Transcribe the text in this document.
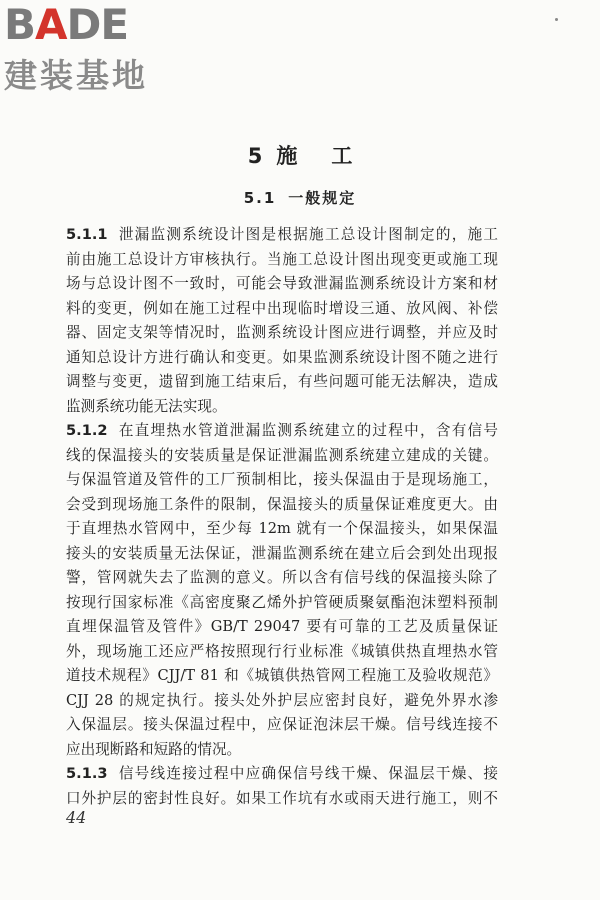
BADE
建装基地
5 施 工
5.1 一般规定
5.1.1 泄漏监测系统设计图是根据施工总设计图制定的，施工
前由施工总设计方审核执行。当施工总设计图出现变更或施工现
场与总设计图不一致时，可能会导致泄漏监测系统设计方案和材
料的变更，例如在施工过程中出现临时增设三通、放风阀、补偿
器、固定支架等情况时，监测系统设计图应进行调整，并应及时
通知总设计方进行确认和变更。如果监测系统设计图不随之进行
调整与变更，遗留到施工结束后，有些问题可能无法解决，造成
监测系统功能无法实现。
5.1.2 在直埋热水管道泄漏监测系统建立的过程中，含有信号
线的保温接头的安装质量是保证泄漏监测系统建立建成的关键。
与保温管道及管件的工厂预制相比，接头保温由于是现场施工，
会受到现场施工条件的限制，保温接头的质量保证难度更大。由
于直埋热水管网中，至少每 12m 就有一个保温接头，如果保温
接头的安装质量无法保证，泄漏监测系统在建立后会到处出现报
警，管网就失去了监测的意义。所以含有信号线的保温接头除了
按现行国家标准《高密度聚乙烯外护管硬质聚氨酯泡沫塑料预制
直埋保温管及管件》GB/T 29047 要有可靠的工艺及质量保证
外，现场施工还应严格按照现行行业标准《城镇供热直埋热水管
道技术规程》CJJ/T 81 和《城镇供热管网工程施工及验收规范》
CJJ 28 的规定执行。接头处外护层应密封良好，避免外界水渗
入保温层。接头保温过程中，应保证泡沫层干燥。信号线连接不
应出现断路和短路的情况。
5.1.3 信号线连接过程中应确保信号线干燥、保温层干燥、接
口外护层的密封性良好。如果工作坑有水或雨天进行施工，则不
44
